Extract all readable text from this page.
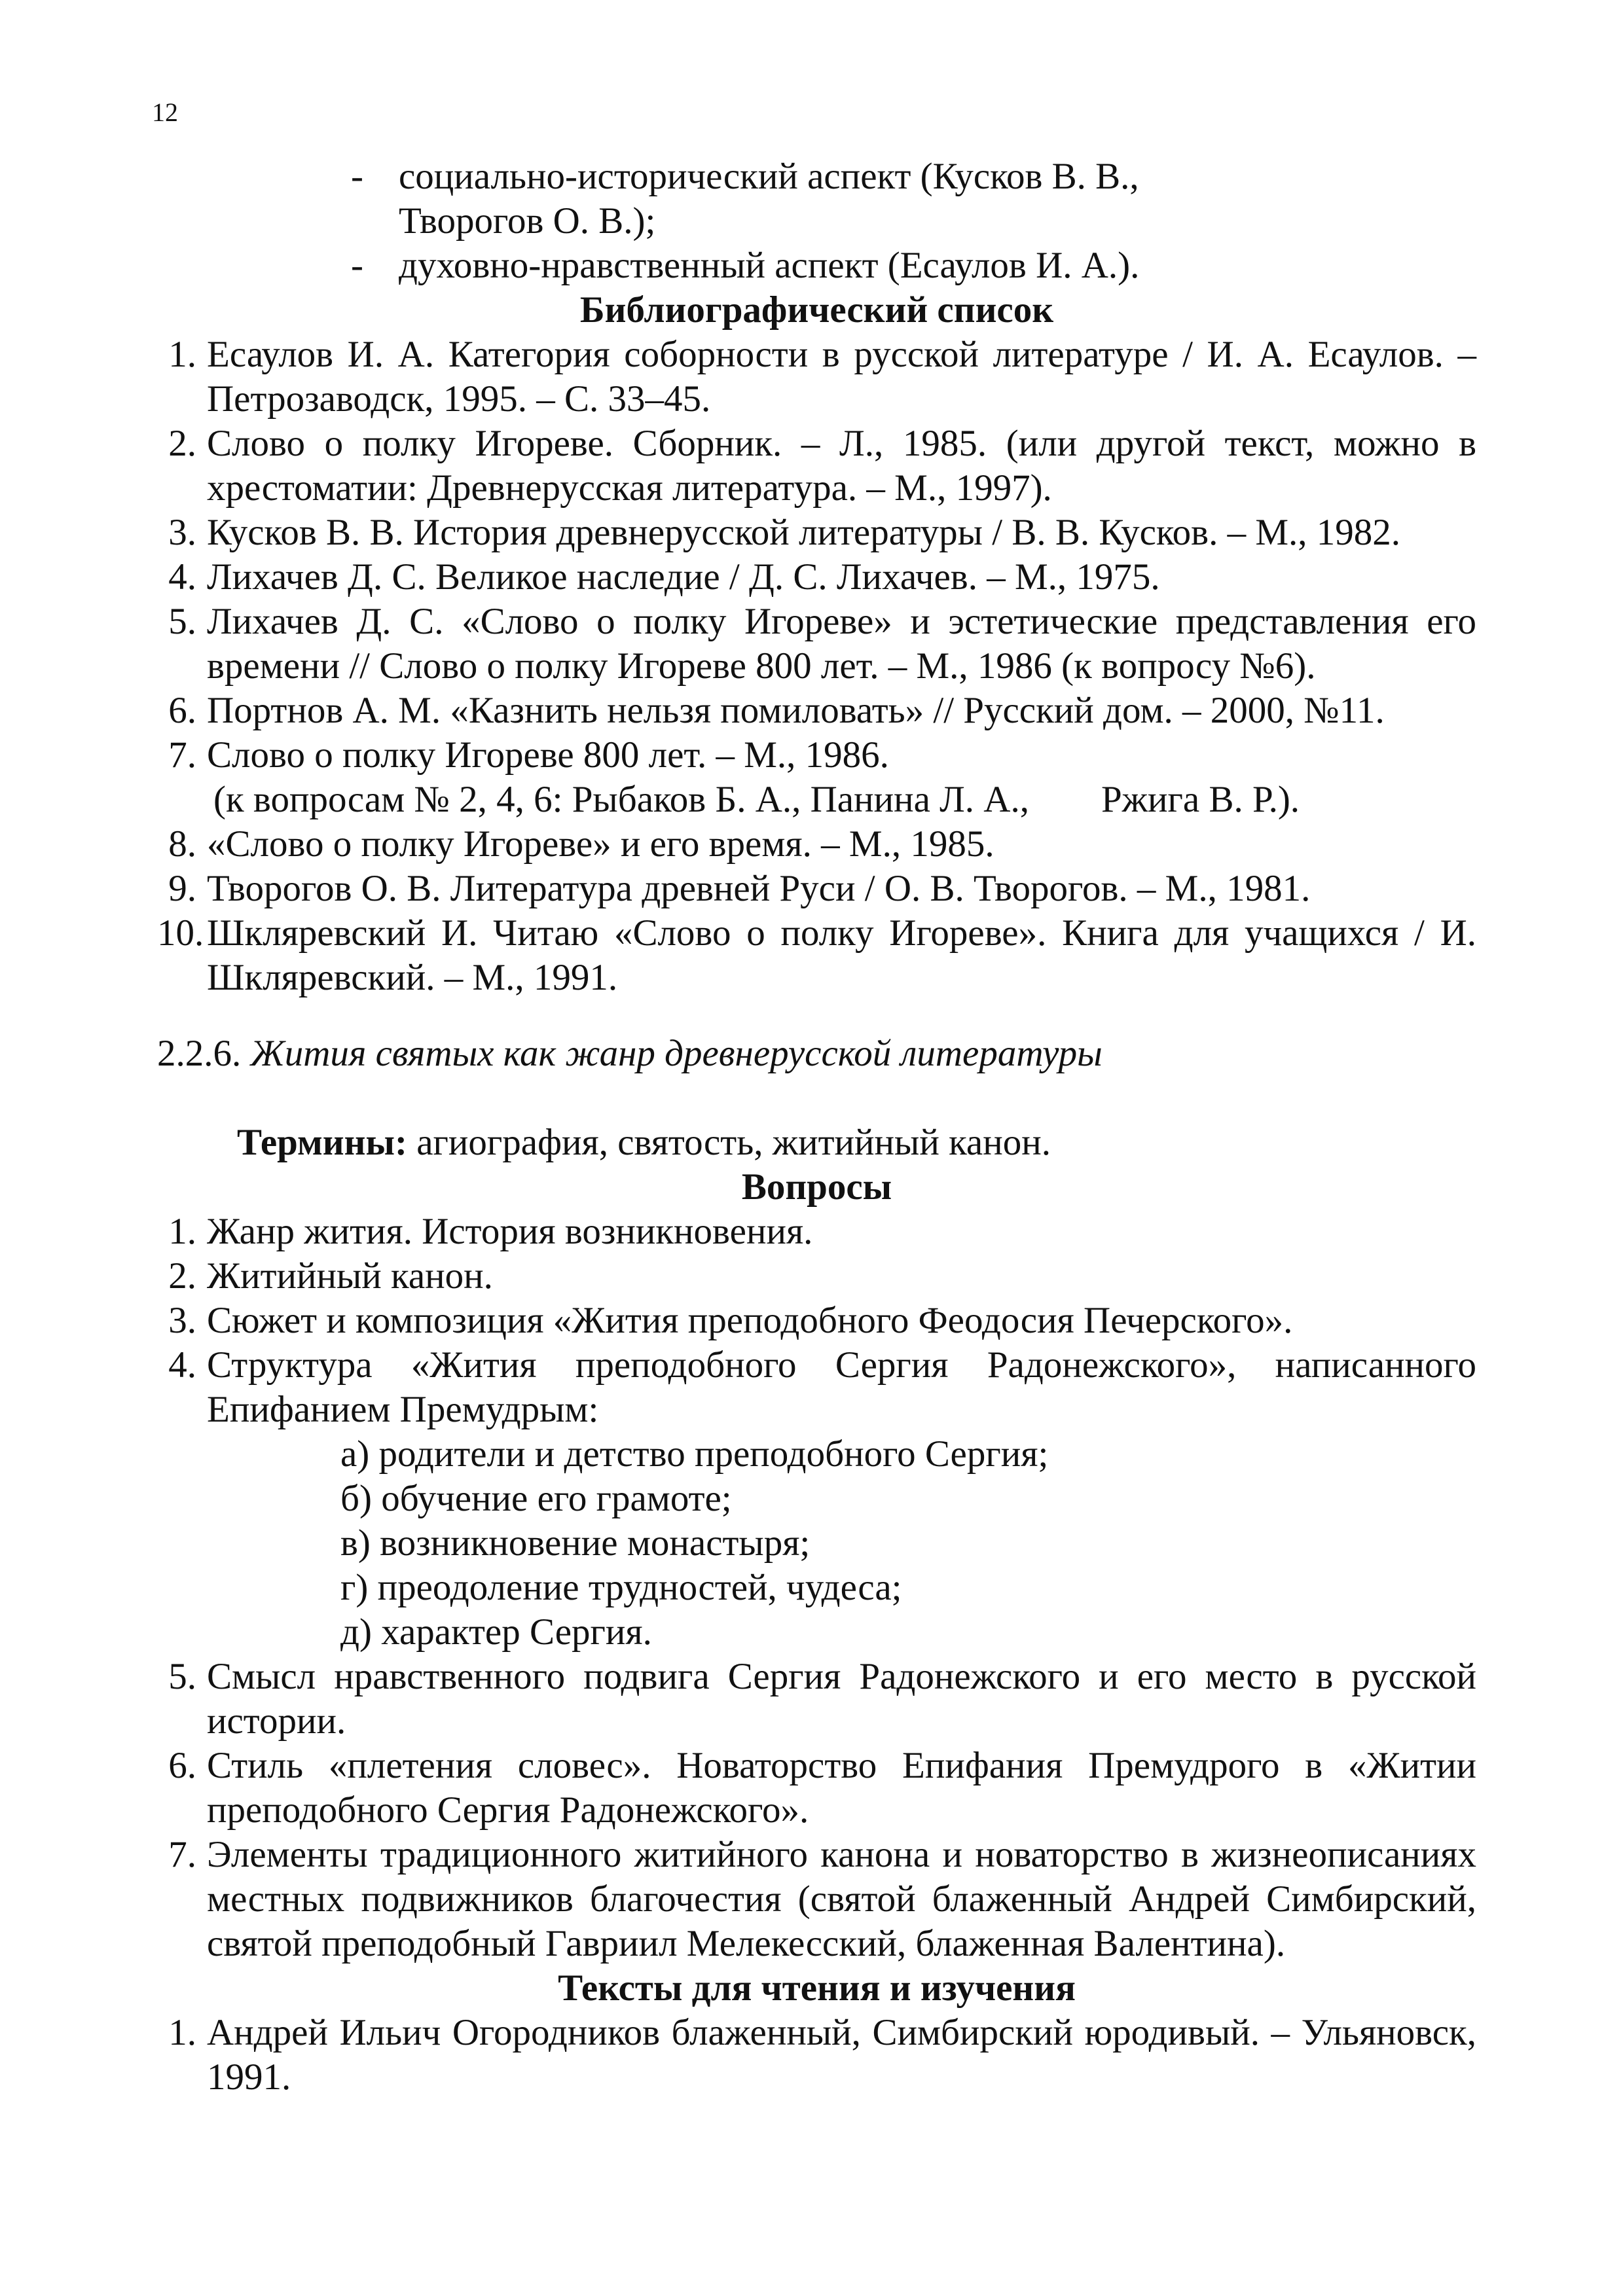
12
- социально-исторический аспект (Кусков В. В.,
Творогов О. В.);
- духовно-нравственный аспект (Есаулов И. А.).
Библиографический список
1. Есаулов И. А. Категория соборности в русской литературе / И. А. Есаулов. – Петрозаводск, 1995. – С. 33–45.
2. Слово о полку Игореве. Сборник. – Л., 1985. (или другой текст, можно в хрестоматии: Древнерусская литература. – М., 1997).
3. Кусков В. В. История древнерусской литературы / В. В. Кусков. – М., 1982.
4. Лихачев Д. С. Великое наследие / Д. С. Лихачев. – М., 1975.
5. Лихачев Д. С. «Слово о полку Игореве» и эстетические представления его времени // Слово о полку Игореве 800 лет. – М., 1986 (к вопросу №6).
6. Портнов А. М. «Казнить нельзя помиловать» // Русский дом. – 2000, №11.
7. Слово о полку Игореве 800 лет. – М., 1986.
(к вопросам № 2, 4, 6: Рыбаков Б. А., Панина Л. А., Ржига В. Р.).
8. «Слово о полку Игореве» и его время. – М., 1985.
9. Творогов О. В. Литература древней Руси / О. В. Творогов. – М., 1981.
10. Шкляревский И. Читаю «Слово о полку Игореве». Книга для учащихся / И. Шкляревский. – М., 1991.
2.2.6. Жития святых как жанр древнерусской литературы
Термины: агиография, святость, житийный канон.
Вопросы
1. Жанр жития. История возникновения.
2. Житийный канон.
3. Сюжет и композиция «Жития преподобного Феодосия Печерского».
4. Структура «Жития преподобного Сергия Радонежского», написанного Епифанием Премудрым:
а) родители и детство преподобного Сергия;
б) обучение его грамоте;
в) возникновение монастыря;
г) преодоление трудностей, чудеса;
д) характер Сергия.
5. Смысл нравственного подвига Сергия Радонежского и его место в русской истории.
6. Стиль «плетения словес». Новаторство Епифания Премудрого в «Житии преподобного Сергия Радонежского».
7. Элементы традиционного житийного канона и новаторство в жизнеописаниях местных подвижников благочестия (святой блаженный Андрей Симбирский, святой преподобный Гавриил Мелекесский, блаженная Валентина).
Тексты для чтения и изучения
1. Андрей Ильич Огородников блаженный, Симбирский юродивый. – Ульяновск, 1991.
